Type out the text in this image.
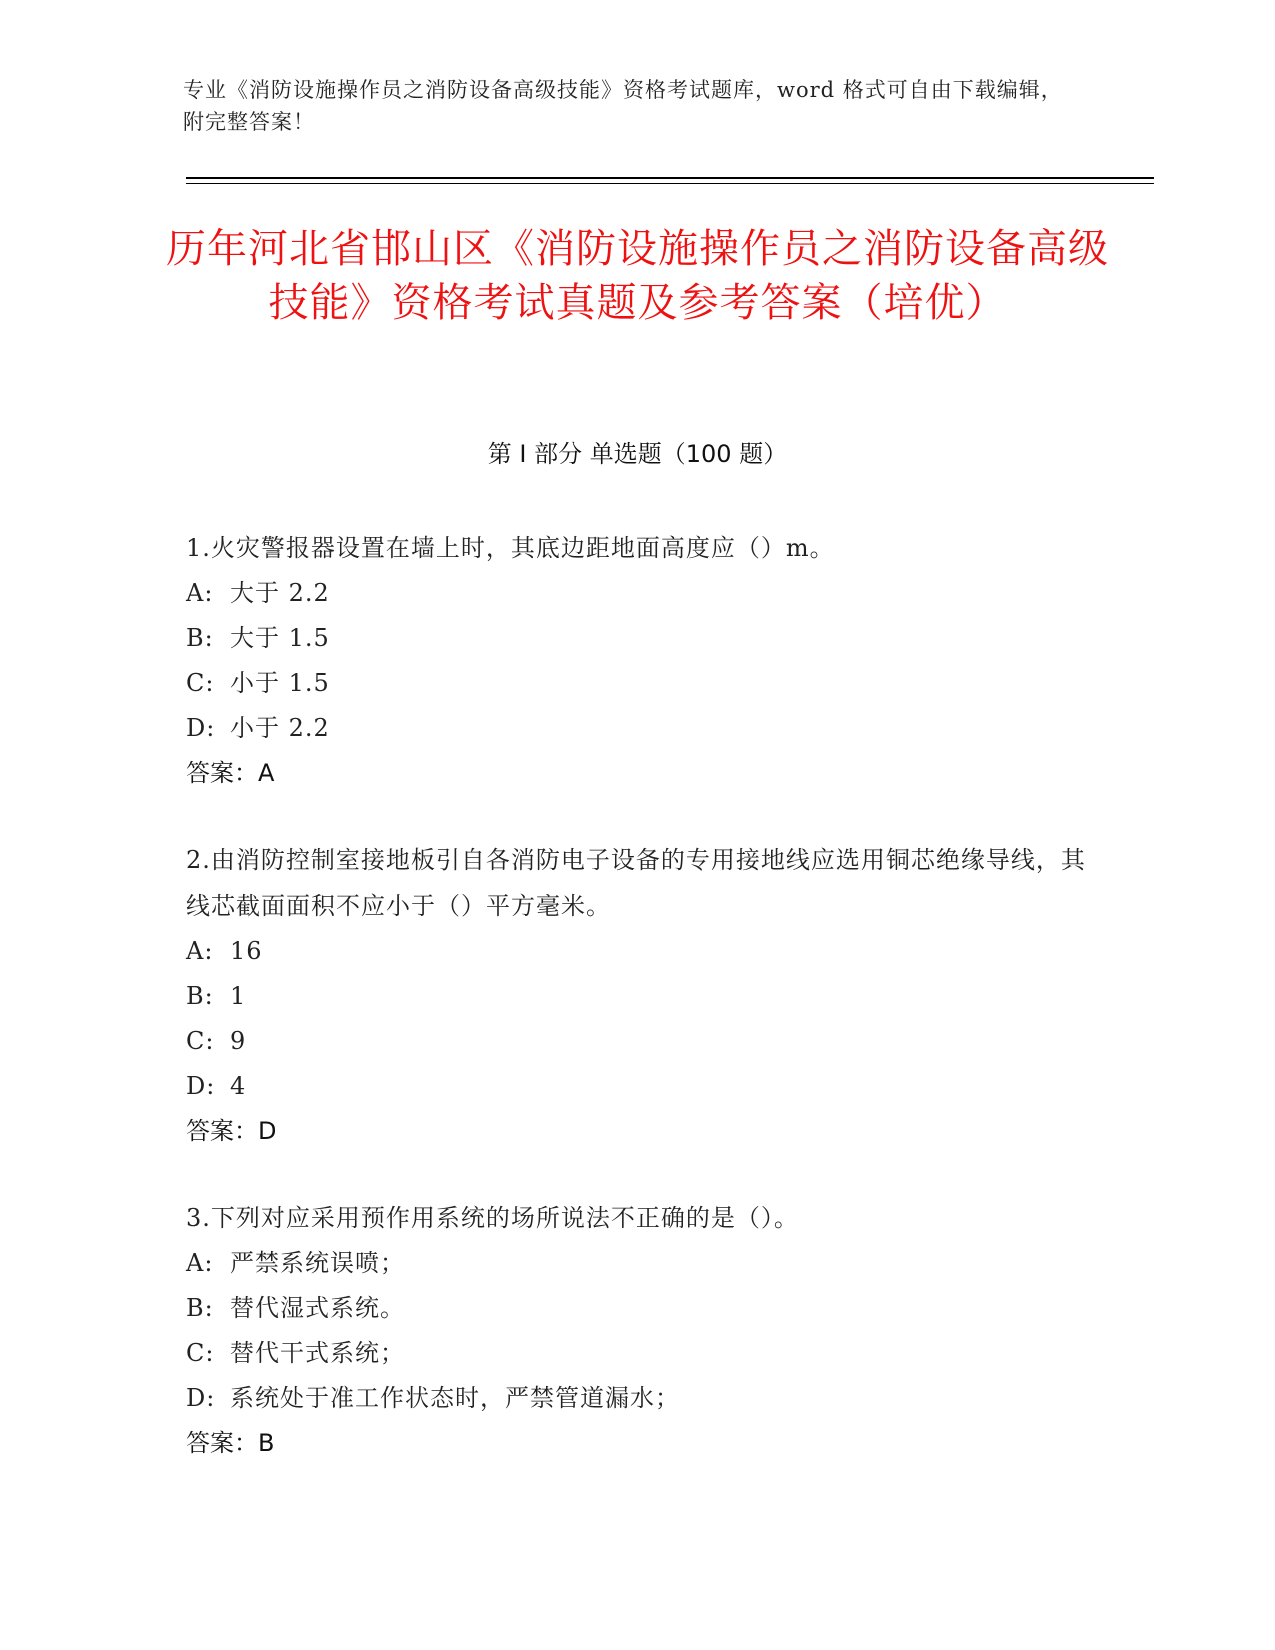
专业《消防设施操作员之消防设备高级技能》资格考试题库，word 格式可自由下载编辑，附完整答案！
历年河北省邯山区《消防设施操作员之消防设备高级技能》资格考试真题及参考答案（培优）
第 I 部分 单选题（100 题）
1.火灾警报器设置在墙上时，其底边距地面高度应（）m。
A: 大于 2.2
B: 大于 1.5
C: 小于 1.5
D: 小于 2.2
答案：A
2.由消防控制室接地板引自各消防电子设备的专用接地线应选用铜芯绝缘导线，其线芯截面面积不应小于（）平方毫米。
A: 16
B: 1
C: 9
D: 4
答案：D
3.下列对应采用预作用系统的场所说法不正确的是（）。
A: 严禁系统误喷；
B: 替代湿式系统。
C: 替代干式系统；
D: 系统处于准工作状态时，严禁管道漏水；
答案：B
